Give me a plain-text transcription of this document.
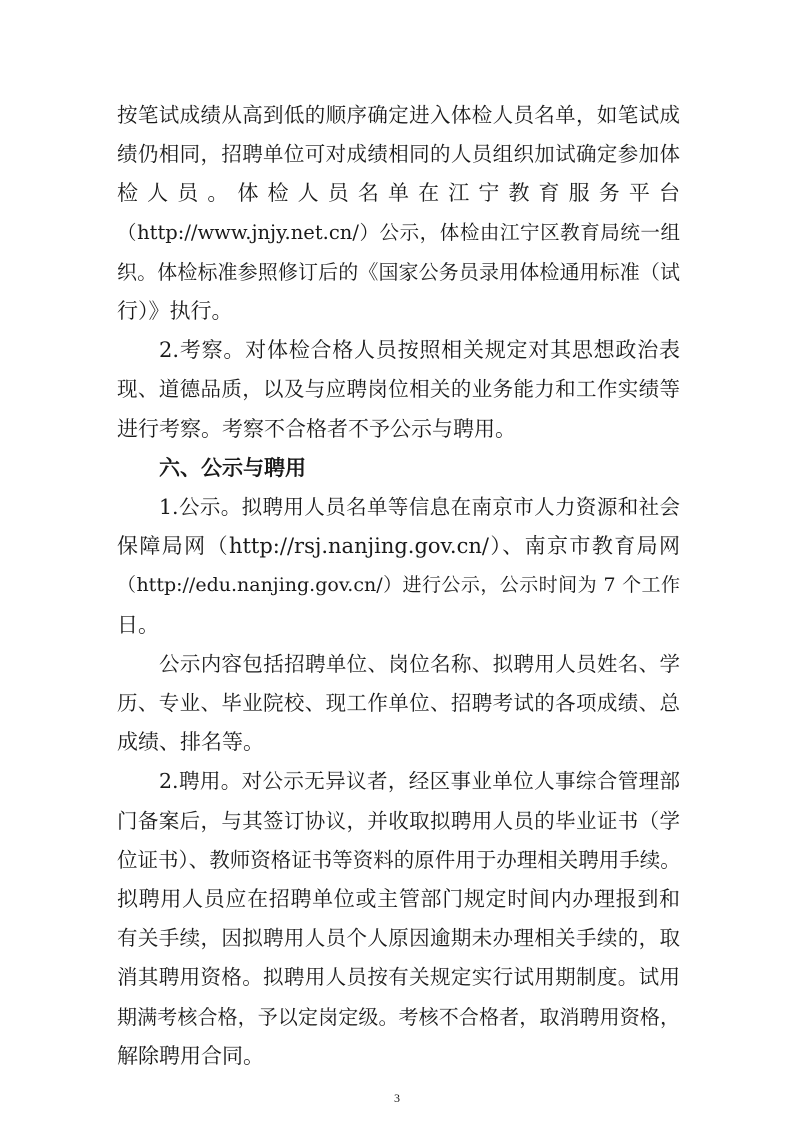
按笔试成绩从高到低的顺序确定进入体检人员名单，如笔试成
绩仍相同，招聘单位可对成绩相同的人员组织加试确定参加体
检人员。体检人员名单在江宁教育服务平台
（http://www.jnjy.net.cn/）公示，体检由江宁区教育局统一组
织。体检标准参照修订后的《国家公务员录用体检通用标准（试
行）》执行。
2.考察。对体检合格人员按照相关规定对其思想政治表
现、道德品质，以及与应聘岗位相关的业务能力和工作实绩等
进行考察。考察不合格者不予公示与聘用。
六、公示与聘用
1.公示。拟聘用人员名单等信息在南京市人力资源和社会
保障局网（http://rsj.nanjing.gov.cn/）、南京市教育局网
（http://edu.nanjing.gov.cn/）进行公示，公示时间为 7 个工作
日。
公示内容包括招聘单位、岗位名称、拟聘用人员姓名、学
历、专业、毕业院校、现工作单位、招聘考试的各项成绩、总
成绩、排名等。
2.聘用。对公示无异议者，经区事业单位人事综合管理部
门备案后，与其签订协议，并收取拟聘用人员的毕业证书（学
位证书）、教师资格证书等资料的原件用于办理相关聘用手续。
拟聘用人员应在招聘单位或主管部门规定时间内办理报到和
有关手续，因拟聘用人员个人原因逾期未办理相关手续的，取
消其聘用资格。拟聘用人员按有关规定实行试用期制度。试用
期满考核合格，予以定岗定级。考核不合格者，取消聘用资格，
解除聘用合同。
3
